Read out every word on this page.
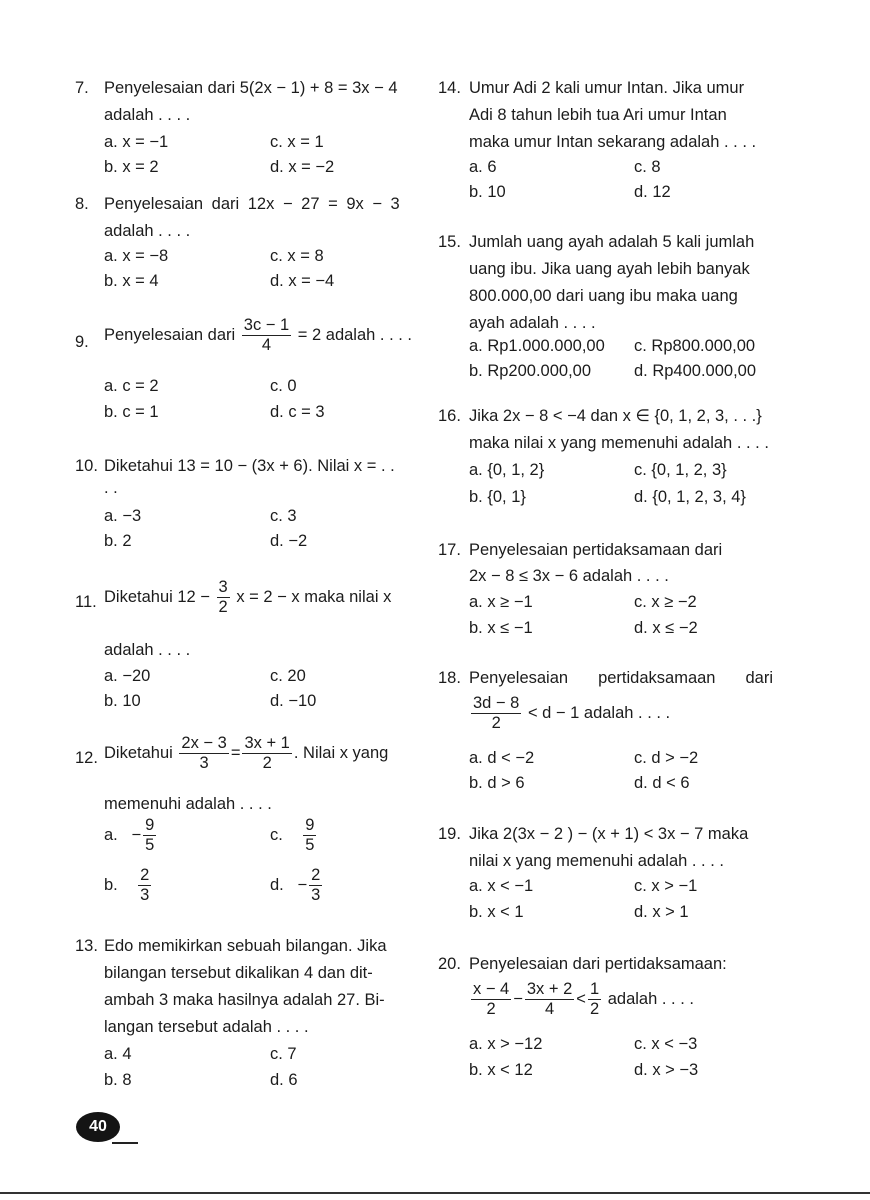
7. Penyelesaian dari 5(2x − 1) + 8 = 3x − 4
adalah . . . .
a. x = −1	c. x = 1
b. x = 2	d. x = −2
8. Penyelesaian dari 12x − 27 = 9x − 3
adalah . . . .
a. x = −8	c. x = 8
b. x = 4	d. x = −4
9. Penyelesaian dari $\frac{3c - 1}{4} = 2$ adalah . . . .
a. c = 2	c. 0
b. c = 1	d. c = 3
10. Diketahui 13 = 10 − (3x + 6). Nilai x = . .
. .
a. −3	c. 3
b. 2	d. −2
11. Diketahui $12 - \frac{3}{2}$ x = 2 − x maka nilai x
adalah . . . .
a. −20	c. 20
b. 10	d. −10
12. Diketahui $\frac{2x - 3}{3} = \frac{3x + 1}{2}$ . Nilai x yang
memenuhi adalah . . . .
a. − $\frac{9}{5}$	c. $\frac{9}{5}$
b. $\frac{2}{3}$	d. − $\frac{2}{3}$
13. Edo memikirkan sebuah bilangan. Jika
bilangan tersebut dikalikan 4 dan dit-
ambah 3 maka hasilnya adalah 27. Bi-
langan tersebut adalah . . . .
a. 4	c. 7
b. 8	d. 6
14. Umur Adi 2 kali umur Intan. Jika umur
Adi 8 tahun lebih tua Ari umur Intan
maka umur Intan sekarang adalah . . . .
a. 6	c. 8
b. 10	d. 12
15. Jumlah uang ayah adalah 5 kali jumlah
uang ibu. Jika uang ayah lebih banyak
800.000,00 dari uang ibu maka uang
ayah adalah . . . .
a. Rp1.000.000,00 c. Rp800.000,00
b. Rp200.000,00	d. Rp400.000,00
16. Jika 2x − 8 < −4 dan x ∈ {0, 1, 2, 3, . . .}
maka nilai x yang memenuhi adalah . . . .
a. {0, 1, 2}	c. {0, 1, 2, 3}
b. {0, 1}	d. {0, 1, 2, 3, 4}
17. Penyelesaian pertidaksamaan dari
2x − 8 ≤ 3x − 6 adalah . . . .
a. x ≥ −1	c. x ≥ −2
b. x ≤ −1	d. x ≤ −2
18. Penyelesaian pertidaksamaan dari
$\frac{3d - 8}{2} < d - 1$ adalah . . . .
a. d < −2	c. d > −2
b. d > 6	d. d < 6
19. Jika 2(3x − 2 ) − (x + 1) < 3x − 7 maka
nilai x yang memenuhi adalah . . . .
a. x < −1	c. x > −1
b. x < 1	d. x > 1
20. Penyelesaian dari pertidaksamaan:
$\frac{x - 4}{2} - \frac{3x + 2}{4} < \frac{1}{2}$ adalah . . . .
a. x > −12	c. x < −3
b. x < 12	d. x > −3
40
